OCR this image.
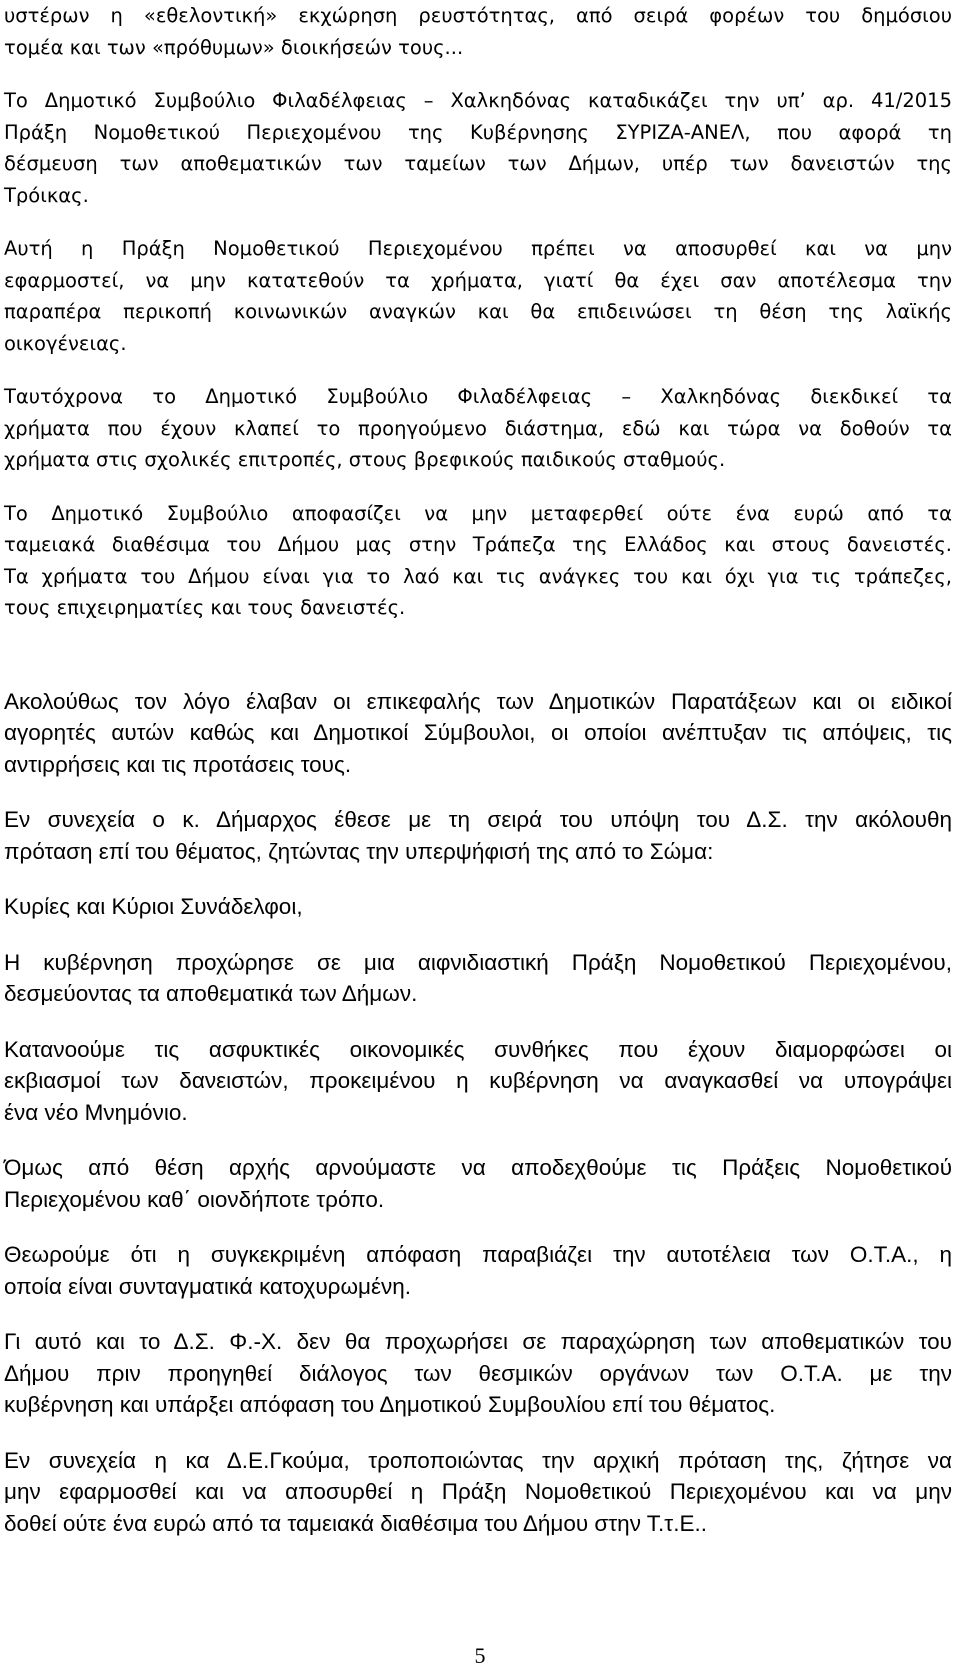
υστέρων η «εθελοντική» εκχώρηση ρευστότητας, από σειρά φορέων του δημόσιου
τομέα και των «πρόθυμων» διοικήσεών τους...
Το Δημοτικό Συμβούλιο Φιλαδέλφειας – Χαλκηδόνας καταδικάζει την υπ’ αρ. 41/2015
Πράξη Νομοθετικού Περιεχομένου της Κυβέρνησης ΣΥΡΙΖΑ-ΑΝΕΛ, που αφορά τη
δέσμευση των αποθεματικών των ταμείων των Δήμων, υπέρ των δανειστών της
Τρόικας.
Αυτή η Πράξη Νομοθετικού Περιεχομένου πρέπει να αποσυρθεί και να μην
εφαρμοστεί, να μην κατατεθούν τα χρήματα, γιατί θα έχει σαν αποτέλεσμα την
παραπέρα περικοπή κοινωνικών αναγκών και θα επιδεινώσει τη θέση της λαϊκής
οικογένειας.
Ταυτόχρονα το Δημοτικό Συμβούλιο Φιλαδέλφειας – Χαλκηδόνας διεκδικεί τα
χρήματα που έχουν κλαπεί το προηγούμενο διάστημα, εδώ και τώρα να δοθούν τα
χρήματα στις σχολικές επιτροπές, στους βρεφικούς παιδικούς σταθμούς.
Το Δημοτικό Συμβούλιο αποφασίζει να μην μεταφερθεί ούτε ένα ευρώ από τα
ταμειακά διαθέσιμα του Δήμου μας στην Τράπεζα της Ελλάδος και στους δανειστές.
Τα χρήματα του Δήμου είναι για το λαό και τις ανάγκες του και όχι για τις τράπεζες,
τους επιχειρηματίες και τους δανειστές.
Ακολούθως τον λόγο έλαβαν οι επικεφαλής των Δημοτικών Παρατάξεων και οι ειδικοί
αγορητές αυτών καθώς και Δημοτικοί Σύμβουλοι, οι οποίοι ανέπτυξαν τις απόψεις, τις
αντιρρήσεις και τις προτάσεις τους.
Εν συνεχεία ο κ. Δήμαρχος έθεσε με τη σειρά του υπόψη του Δ.Σ. την ακόλουθη
πρόταση επί του θέματος, ζητώντας την υπερψήφισή της από το Σώμα:
Κυρίες και Κύριοι Συνάδελφοι,
Η κυβέρνηση προχώρησε σε μια αιφνιδιαστική Πράξη Νομοθετικού Περιεχομένου,
δεσμεύοντας τα αποθεματικά των Δήμων.
Κατανοούμε τις ασφυκτικές οικονομικές συνθήκες που έχουν διαμορφώσει οι
εκβιασμοί των δανειστών, προκειμένου η κυβέρνηση να αναγκασθεί να υπογράψει
ένα νέο Μνημόνιο.
Όμως από θέση αρχής αρνούμαστε να αποδεχθούμε τις Πράξεις Νομοθετικού
Περιεχομένου καθ΄ οιονδήποτε τρόπο.
Θεωρούμε ότι η συγκεκριμένη απόφαση παραβιάζει την αυτοτέλεια των Ο.Τ.Α., η
οποία είναι συνταγματικά κατοχυρωμένη.
Γι αυτό και το Δ.Σ. Φ.-Χ. δεν θα προχωρήσει σε παραχώρηση των αποθεματικών του
Δήμου πριν προηγηθεί διάλογος των θεσμικών οργάνων των Ο.Τ.Α. με την
κυβέρνηση και υπάρξει απόφαση του Δημοτικού Συμβουλίου επί του θέματος.
Εν συνεχεία η κα Δ.Ε.Γκούμα, τροποποιώντας την αρχική πρόταση της, ζήτησε να
μην εφαρμοσθεί και να αποσυρθεί η Πράξη Νομοθετικού Περιεχομένου και να μην
δοθεί ούτε ένα ευρώ από τα ταμειακά διαθέσιμα του Δήμου στην Τ.τ.Ε..
5
